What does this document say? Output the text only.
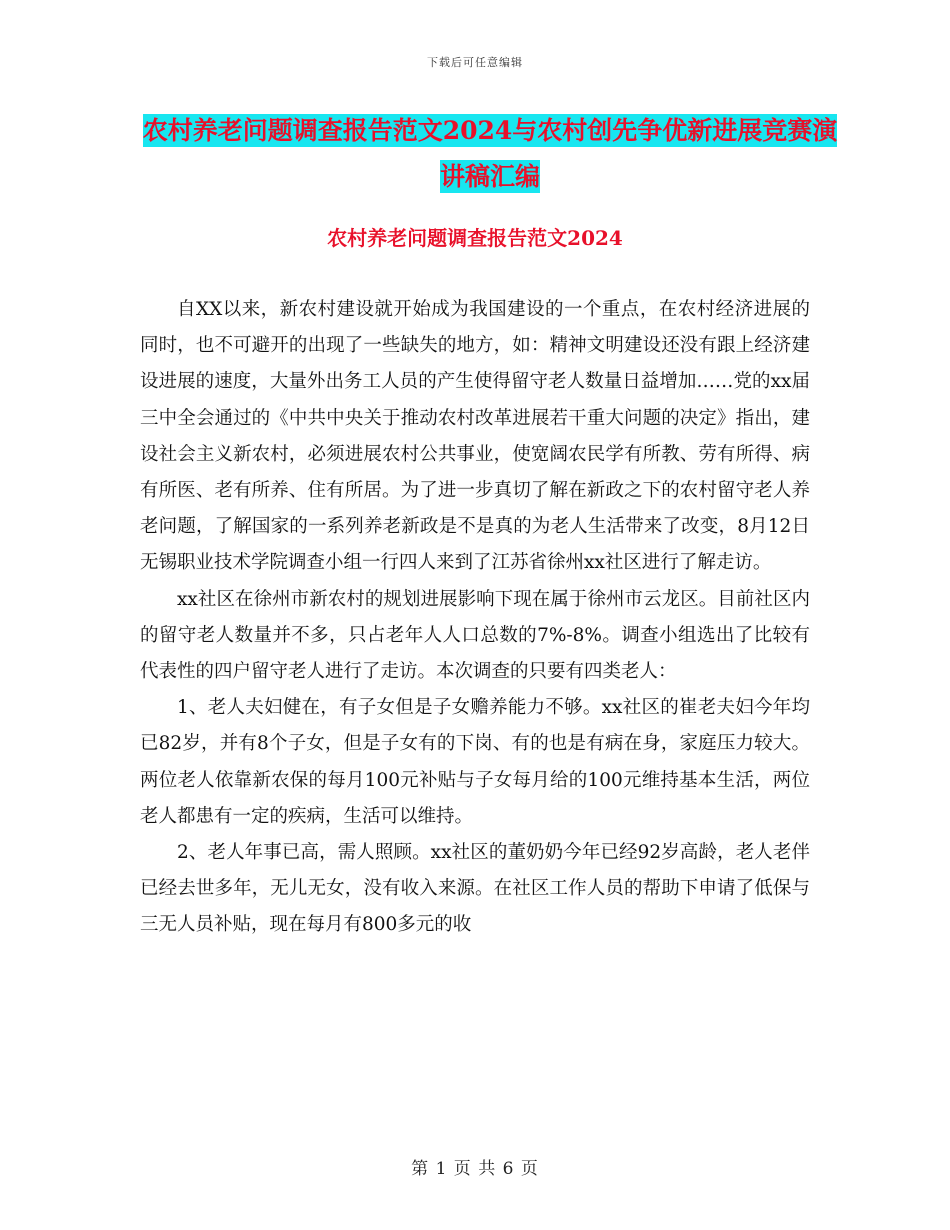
下载后可任意编辑
农村养老问题调查报告范文2024与农村创先争优新进展竞赛演讲稿汇编
农村养老问题调查报告范文2024

自XX以来，新农村建设就开始成为我国建设的一个重点，在农村经济进展的同时，也不可避开的出现了一些缺失的地方，如：精神文明建设还没有跟上经济建设进展的速度，大量外出务工人员的产生使得留守老人数量日益增加……党的xx届三中全会通过的《中共中央关于推动农村改革进展若干重大问题的决定》指出，建设社会主义新农村，必须进展农村公共事业，使宽阔农民学有所教、劳有所得、病有所医、老有所养、住有所居。为了进一步真切了解在新政之下的农村留守老人养老问题，了解国家的一系列养老新政是不是真的为老人生活带来了改变，8月12日无锡职业技术学院调查小组一行四人来到了江苏省徐州xx社区进行了解走访。

xx社区在徐州市新农村的规划进展影响下现在属于徐州市云龙区。目前社区内的留守老人数量并不多，只占老年人人口总数的7%-8%。调查小组选出了比较有代表性的四户留守老人进行了走访。本次调查的只要有四类老人：

1、老人夫妇健在，有子女但是子女赡养能力不够。xx社区的崔老夫妇今年均已82岁，并有8个子女，但是子女有的下岗、有的也是有病在身，家庭压力较大。两位老人依靠新农保的每月100元补贴与子女每月给的100元维持基本生活，两位老人都患有一定的疾病，生活可以维持。

2、老人年事已高，需人照顾。xx社区的董奶奶今年已经92岁高龄，老人老伴已经去世多年，无儿无女，没有收入来源。在社区工作人员的帮助下申请了低保与三无人员补贴，现在每月有800多元的收

第 1 页 共 6 页
